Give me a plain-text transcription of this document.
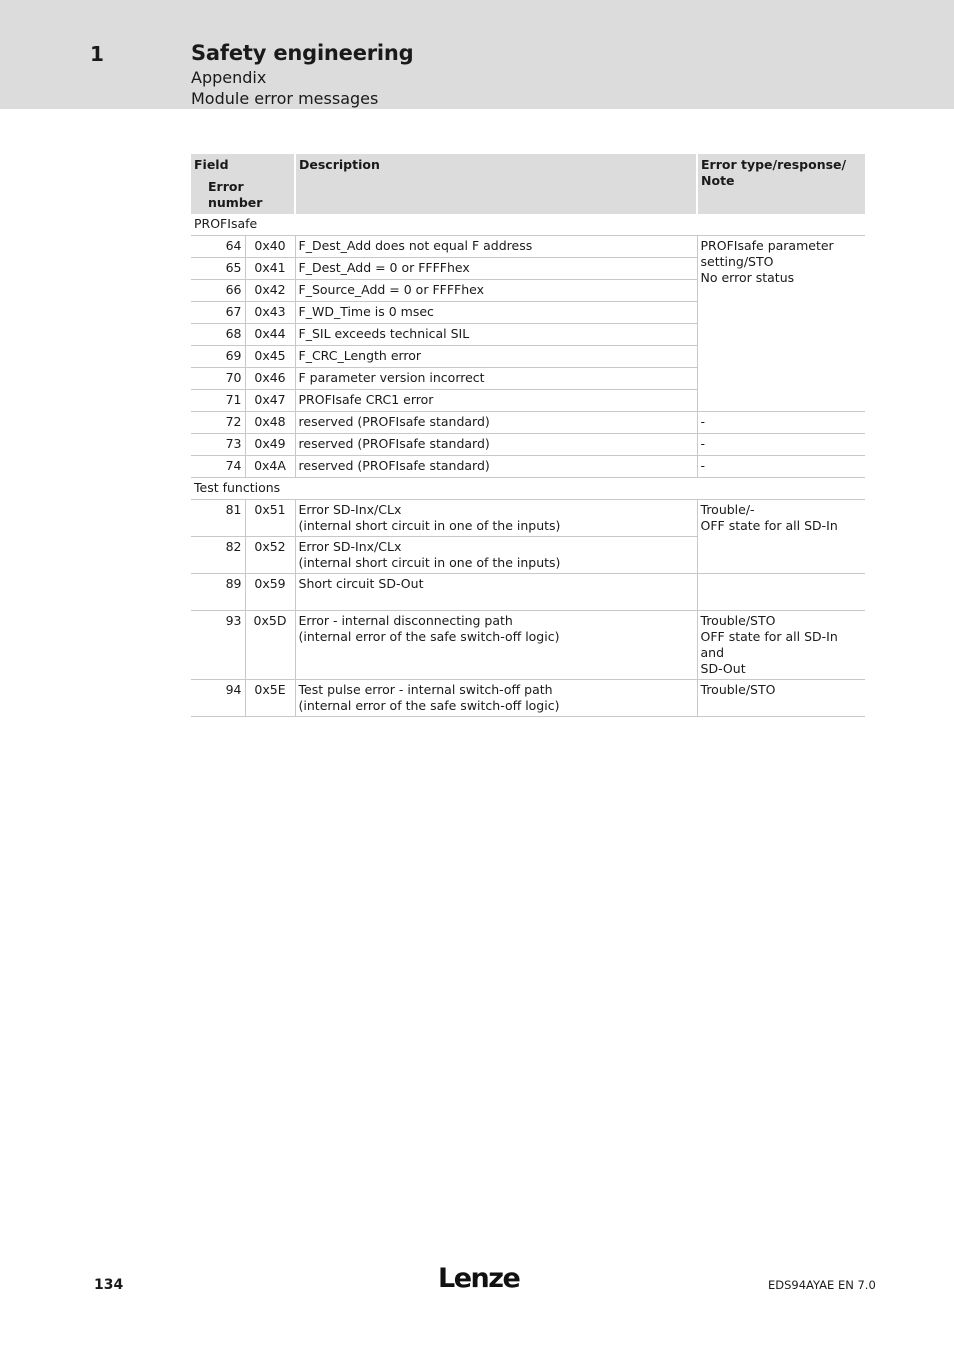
1	Safety engineering
Appendix
Module error messages
Field
Error number		Description	Error type/response/
Note

PROFIsafe			
64	0x40	F_Dest_Add does not equal F address	PROFIsafe parameter
setting/STO
No error status

65	0x41	F_Dest_Add = 0 or FFFFhex	

66	0x42	F_Source_Add = 0 or FFFFhex	

67	0x43	F_WD_Time is 0 msec	

68	0x44	F_SIL exceeds technical SIL	

69	0x45	F_CRC_Length error	

70	0x46	F parameter version incorrect	

71	0x47	PROFIsafe CRC1 error	

72	0x48	reserved (PROFIsafe standard)	-

73	0x49	reserved (PROFIsafe standard)	-

74	0x4A	reserved (PROFIsafe standard)	-

Test functions			
81	0x51	Error SD-Inx/CLx
(internal short circuit in one of the inputs)	Trouble/-
OFF state for all SD-In

82	0x52	Error SD-Inx/CLx
(internal short circuit in one of the inputs)	

89	0x59	Short circuit SD-Out	

93	0x5D	Error - internal disconnecting path
(internal error of the safe switch-off logic)	Trouble/STO
OFF state for all SD-In and
SD-Out

94	0x5E	Test pulse error - internal switch-off path
(internal error of the safe switch-off logic)	Trouble/STO
134	Lenze	EDS94AYAE EN 7.0
